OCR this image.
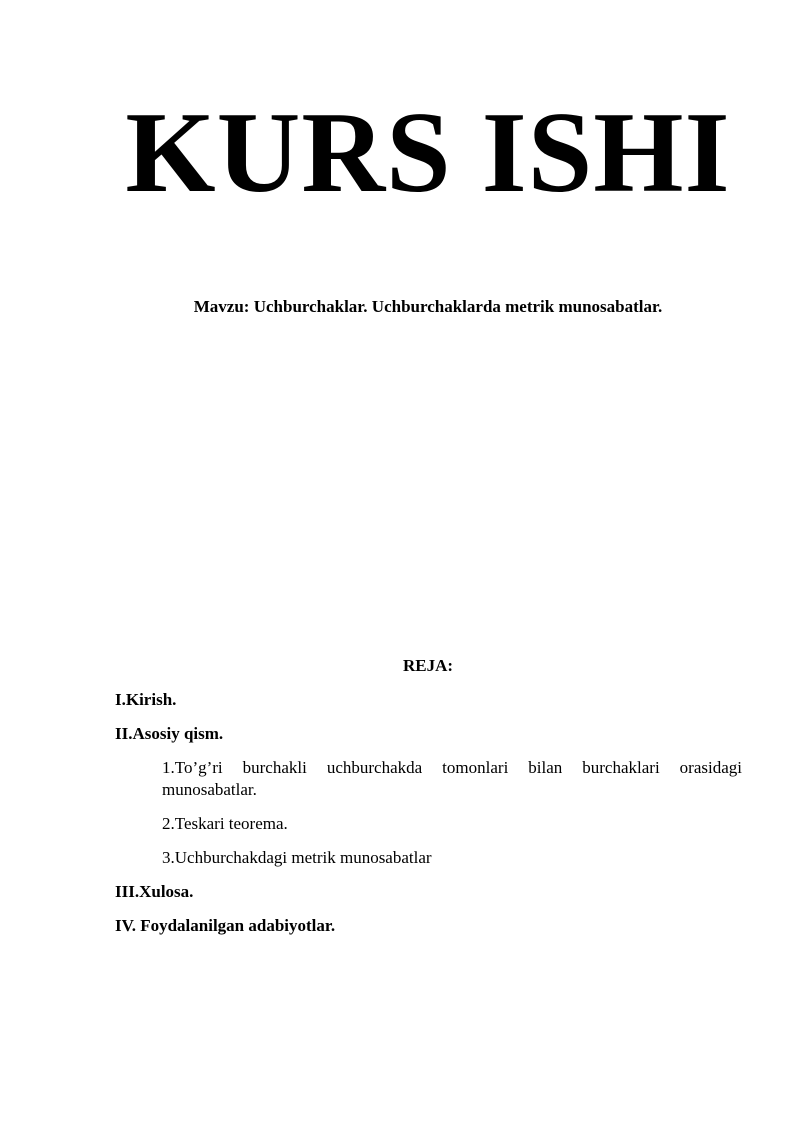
KURS ISHI
Mavzu: Uchburchaklar. Uchburchaklarda metrik munosabatlar.
REJA:
I.Kirish.
II.Asosiy qism.
1.To’g’ri burchakli uchburchakda tomonlari bilan burchaklari orasidagi munosabatlar.
2.Teskari teorema.
3.Uchburchakdagi metrik munosabatlar
III.Xulosa.
IV. Foydalanilgan adabiyotlar.
